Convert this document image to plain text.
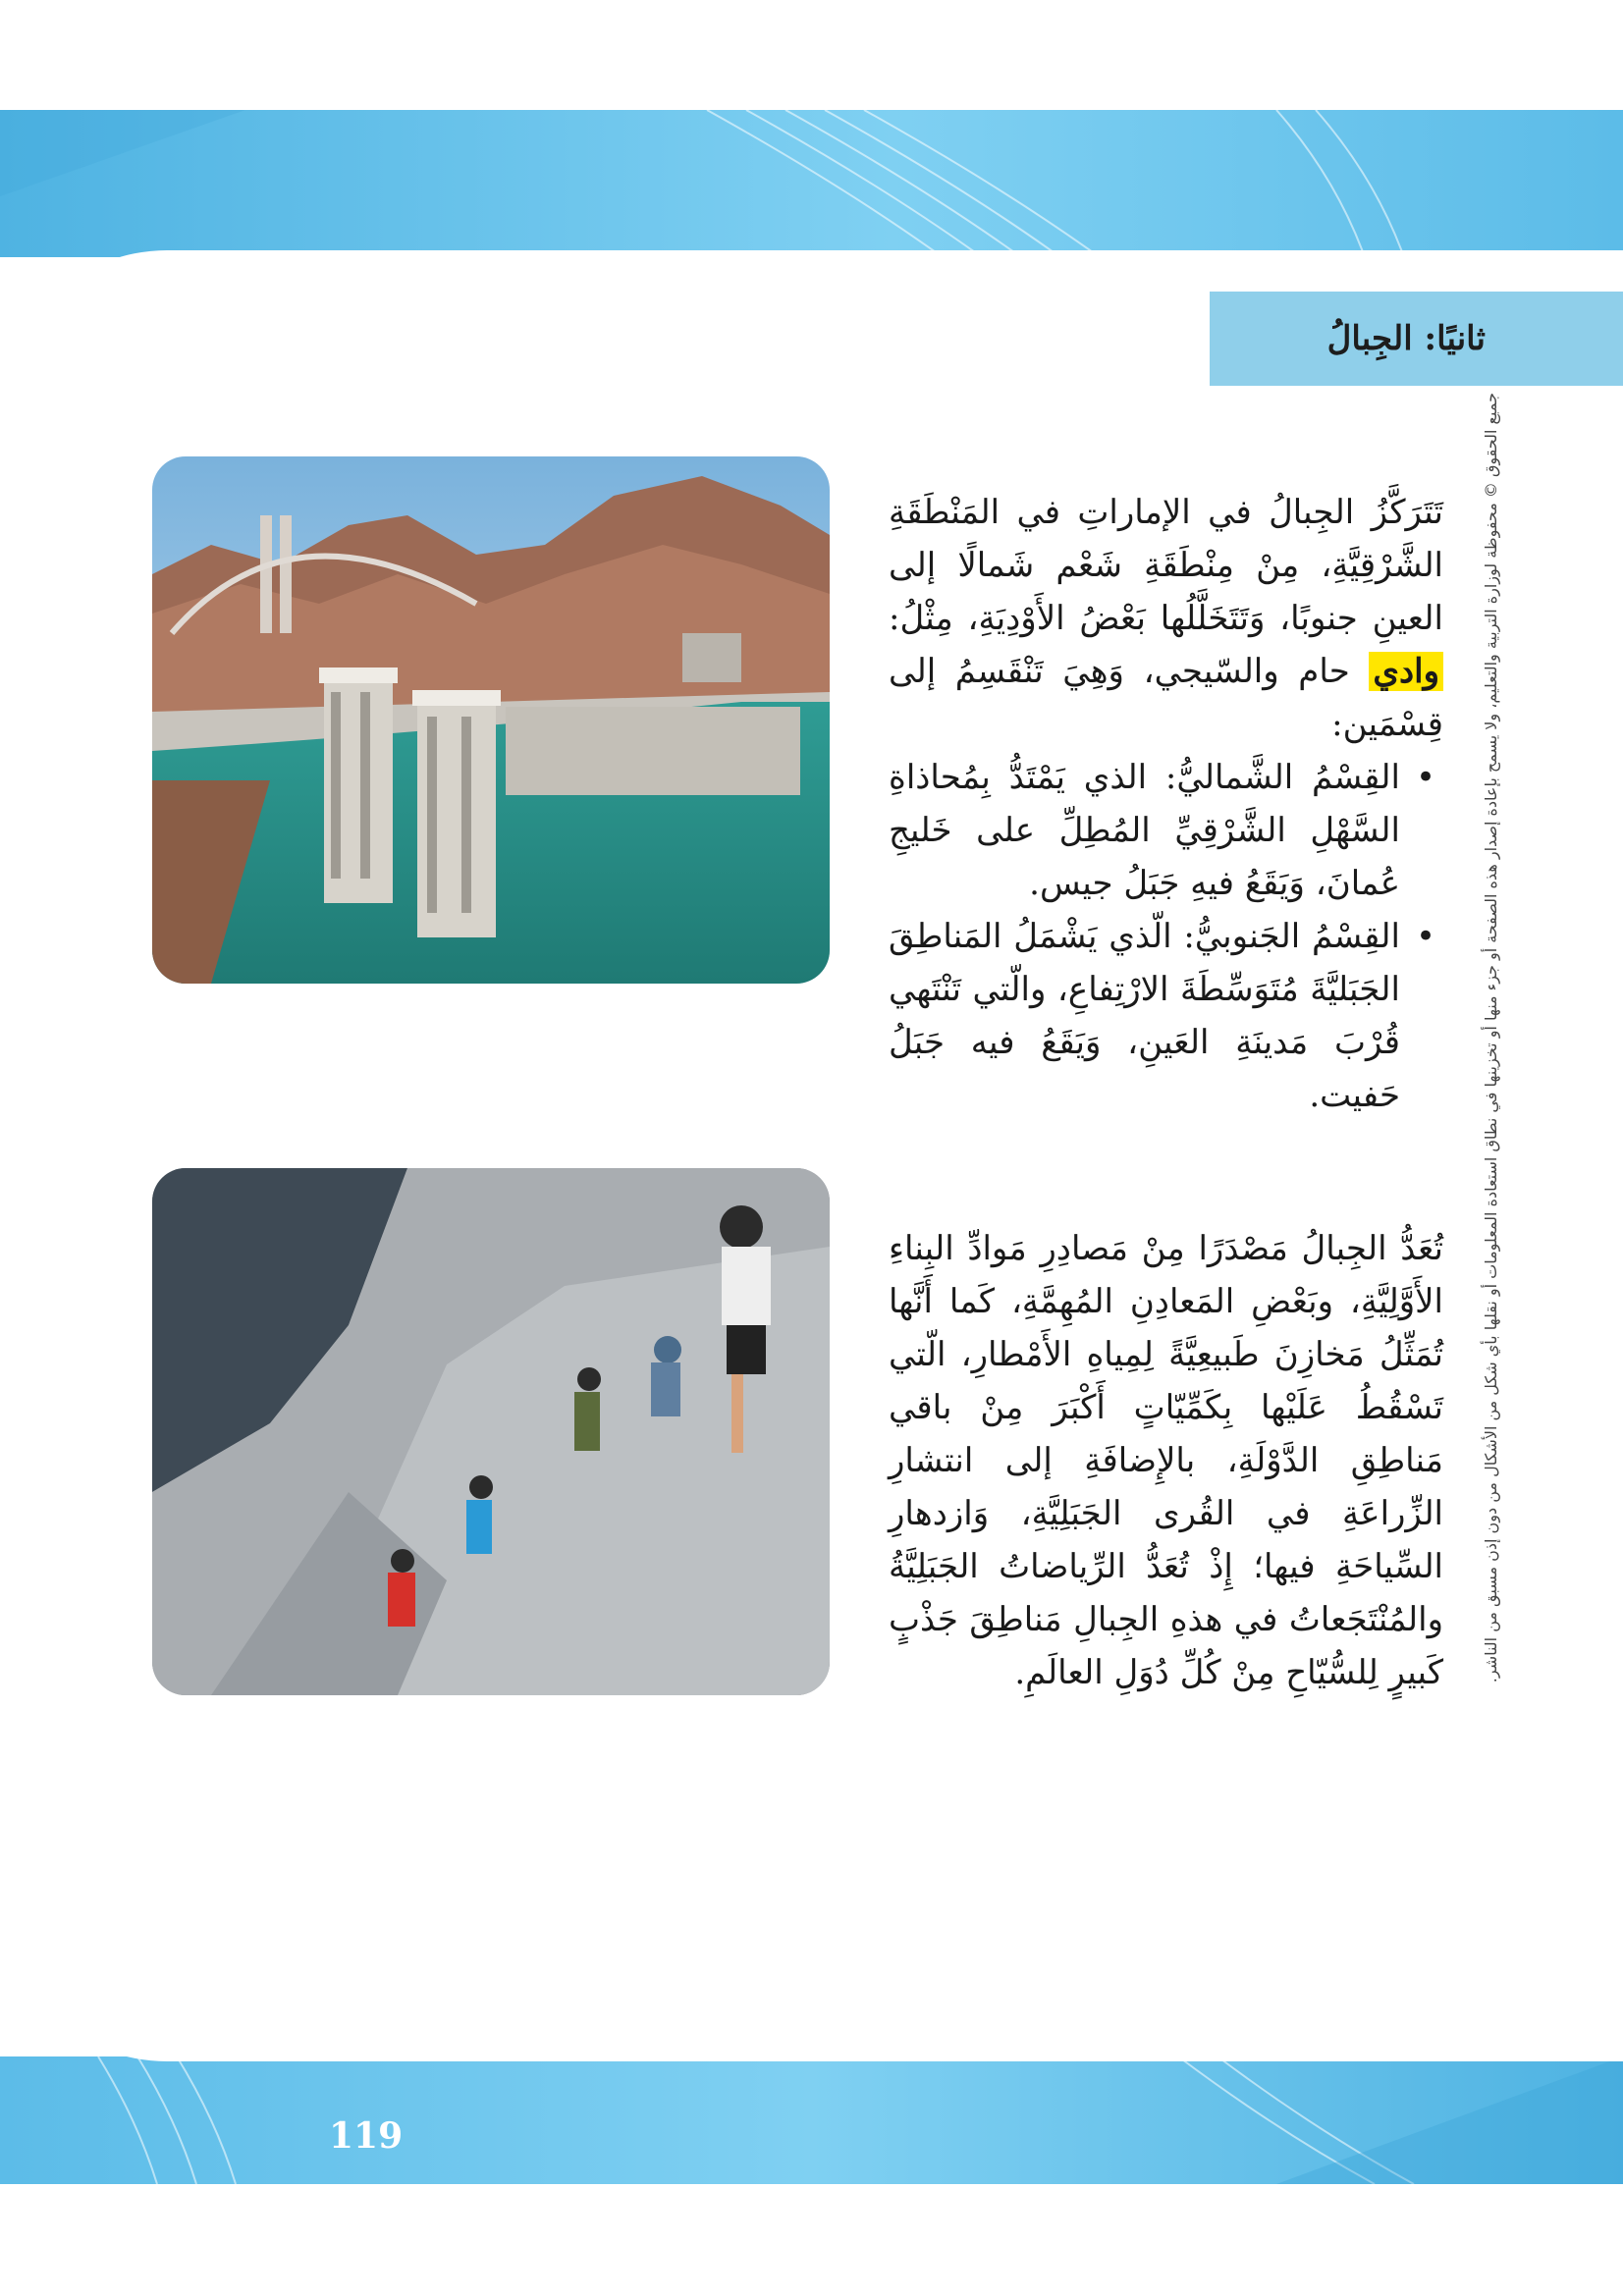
ثانيًا: الجِبالُ

تَتَرَكَّزُ الجِبالُ في الإماراتِ في المَنْطَقَةِ الشَّرْقِيَّةِ، مِنْ مِنْطَقَةِ شَعْم شَمالًا إلى العينِ جنوبًا، وَتَتَخَلَّلُها بَعْضُ الأَوْدِيَةِ، مِثْلُ: وادي حام والسّيجي، وَهِيَ تَنْقَسِمُ إلى قِسْمَين:

• القِسْمُ الشَّماليُّ: الذي يَمْتَدُّ بِمُحاذاةِ السَّهْلِ الشَّرْقِيِّ المُطِلِّ على خَليجِ عُمانَ، وَيَقَعُ فيهِ جَبَلُ جيس.
• القِسْمُ الجَنوبيُّ: الّذي يَشْمَلُ المَناطِقَ الجَبَليَّةَ مُتَوَسِّطَةَ الارْتِفاعِ، والّتي تَنْتَهي قُرْبَ مَدينَةِ العَينِ، وَيَقَعُ فيه جَبَلُ حَفيت.

تُعَدُّ الجِبالُ مَصْدَرًا مِنْ مَصادِرِ مَوادِّ البِناءِ الأَوَّلِيَّةِ، وبَعْضِ المَعادِنِ المُهِمَّةِ، كَما أَنَّها تُمَثِّلُ مَخازِنَ طَبيعِيَّةً لِمِياهِ الأَمْطارِ، الّتي تَسْقُطُ عَلَيْها بِكَمِّيّاتٍ أَكْبَرَ مِنْ باقي مَناطِقِ الدَّوْلَةِ، بالإِضافَةِ إلى انتشارِ الزِّراعَةِ في القُرى الجَبَلِيَّةِ، وَازدهارِ السِّياحَةِ فيها؛ إِذْ تُعَدُّ الرِّياضاتُ الجَبَلِيَّةُ والمُنْتَجَعاتُ في هذهِ الجِبالِ مَناطِقَ جَذْبٍ كَبيرٍ لِلسُّيّاحِ مِنْ كُلِّ دُوَلِ العالَمِ. جميع الحقوق © محفوظة لوزارة التربية والتعليم، ولا يسمح بإعادة إصدار هذه الصفحة أو جزء منها أو تخزينها في نطاق استعادة المعلومات أو نقلها بأي شكل من الأشكال من دون إذن مسبق من الناشر.
119
